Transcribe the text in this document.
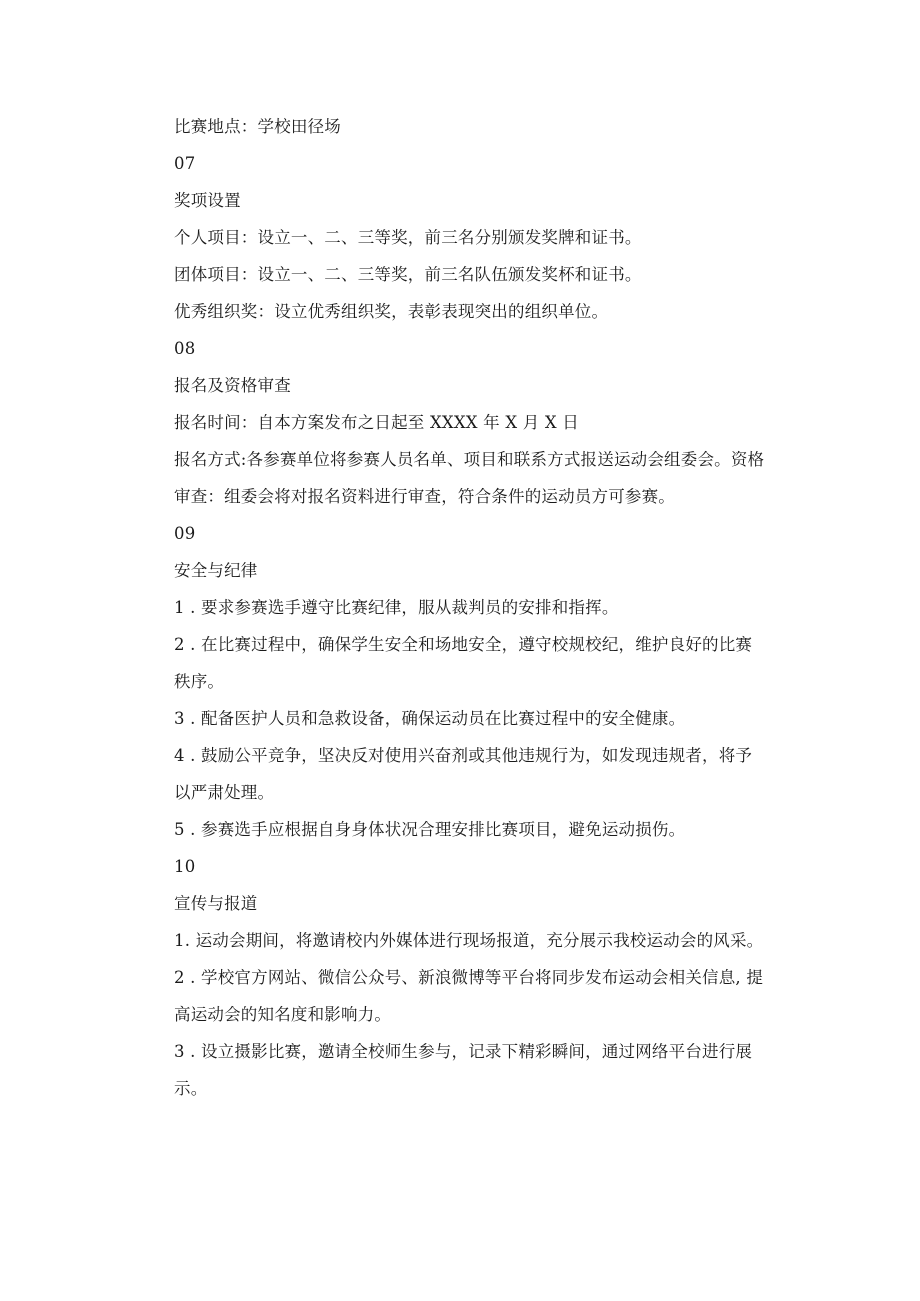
比赛地点：学校田径场
07
奖项设置
个人项目：设立一、二、三等奖，前三名分别颁发奖牌和证书。
团体项目：设立一、二、三等奖，前三名队伍颁发奖杯和证书。
优秀组织奖：设立优秀组织奖，表彰表现突出的组织单位。
08
报名及资格审查
报名时间：自本方案发布之日起至 XXXX 年 X 月 X 日
报名方式:各参赛单位将参赛人员名单、项目和联系方式报送运动会组委会。资格
审查：组委会将对报名资料进行审查，符合条件的运动员方可参赛。
09
安全与纪律
1 . 要求参赛选手遵守比赛纪律，服从裁判员的安排和指挥。
2 . 在比赛过程中，确保学生安全和场地安全，遵守校规校纪，维护良好的比赛
秩序。
3 . 配备医护人员和急救设备，确保运动员在比赛过程中的安全健康。
4 . 鼓励公平竞争，坚决反对使用兴奋剂或其他违规行为，如发现违规者，将予
以严肃处理。
5 . 参赛选手应根据自身身体状况合理安排比赛项目，避免运动损伤。
10
宣传与报道
1. 运动会期间，将邀请校内外媒体进行现场报道，充分展示我校运动会的风采。
2 . 学校官方网站、微信公众号、新浪微博等平台将同步发布运动会相关信息, 提
高运动会的知名度和影响力。
3 . 设立摄影比赛，邀请全校师生参与，记录下精彩瞬间，通过网络平台进行展
示。
